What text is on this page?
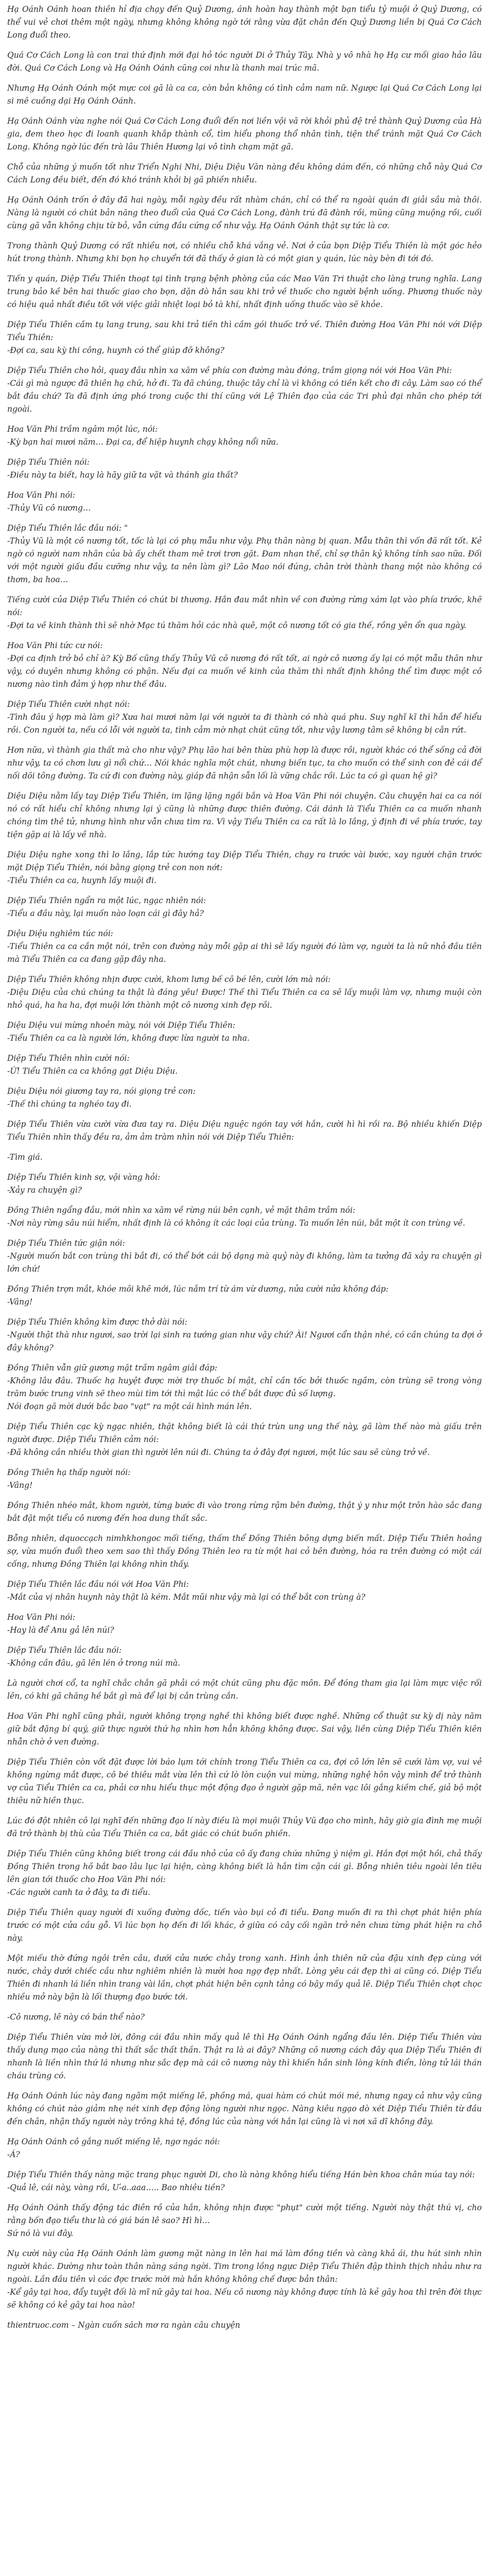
Hạ Oánh Oánh hoan thiên hỉ địa chạy đến Quỷ Dương, ánh hoàn hay thành một bạn tiểu tỷ muội ở Quỷ Dương, có thể vui vẻ chơi thêm một ngày, nhưng không không ngờ tới rằng vừa đặt chân đến Quỷ Dương liền bị Quá Cơ Cách Long đuổi theo.

Quá Cơ Cách Long là con trai thứ định mới đại hỏ tóc người Di ở Thủy Tây. Nhà y vô nhà họ Hạ cư mối giao hảo lâu đời. Quá Cơ Cách Long và Hạ Oánh Oánh cũng coi như là thanh mai trúc mã.

Nhưng Hạ Oánh Oánh một mực coi gã là ca ca, còn bản không có tình cảm nam nữ. Ngược lại Quá Cơ Cách Long lại si mê cuồng dại Hạ Oánh Oánh.

Hạ Oánh Oánh vừa nghe nói Quá Cơ Cách Long đuổi đến nơi liền vội vã rời khỏi phủ đệ trẻ thành Quỷ Dương của Hà gia, đem theo học đi loanh quanh khắp thành cổ, tìm hiểu phong thổ nhân tình, tiện thể tránh mặt Quá Cơ Cách Long. Không ngờ lúc đến trà lâu Thiên Hương lại vô tình chạm mặt gã.

Chỗ của những ý muốn tốt như Triển Nghi Nhi, Diệu Diệu Văn nàng đều không dám đến, có những chỗ này Quá Cơ Cách Long đều biết, đến đó khó tránh khỏi bị gã phiền nhiễu.

Hạ Oánh Oánh trốn ở đây đã hai ngày, mỗi ngày đều rất nhàm chán, chỉ có thể ra ngoài quán đi giải sầu mà thôi. Nàng là người có chút bản năng theo đuổi của Quá Cơ Cách Long, đành trú đã đành rồi, mũng cũng muộng rồi, cuối cùng gã vẫn không chịu từ bỏ, vẫn cứng đầu cứng cổ như vậy. Hạ Oánh Oánh thật sự tức là cơ.

Trong thành Quỷ Dương có rất nhiều nơi, có nhiều chỗ khá vắng vẻ. Nơi ở của bọn Diệp Tiểu Thiên là một góc hẻo hút trong thành. Nhưng khi bọn họ chuyển tới đã thấy ở gian là có một gian y quán, lúc này bèn đi tới đó.

Tiến y quán, Diệp Tiểu Thiên thoạt tại tình trạng bệnh phòng của các Mao Văn Tri thuật cho làng trung nghĩa. Lang trung bảo kề bên hai thuốc giao cho bọn, dặn dò hắn sau khi trở về thuốc cho người bệnh uống. Phương thuốc này có hiệu quả nhất điều tốt với việc giải nhiệt loại bỏ tà khí, nhất định uống thuốc vào sẽ khỏe.

Diệp Tiểu Thiên cầm tụ lang trung, sau khi trả tiền thì cầm gói thuốc trở về. Thiên đường Hoa Văn Phi nói với Diệp Tiểu Thiên:
-Đợi ca, sau kỳ thi công, huynh có thể giúp đỡ không?

Diệp Tiểu Thiên cho hỏi, quay đầu nhìn xa xăm về phía con đường màu đóng, trầm giọng nói với Hoa Văn Phi:
-Cái gì mà ngược đã thiên hạ chứ, hở đi. Ta đã chúng, thuộc tây chỉ là vì không có tiền kết cho đi cây. Làm sao có thể bắt đầu chứ? Ta đã định ứng phó trong cuộc thi thí cũng với Lệ Thiên đạo của các Tri phủ đại nhân cho phép tới ngoài.

Hoa Văn Phi trầm ngâm một lúc, nói:
-Kỳ bạn hai mươi năm… Đại ca, để hiệp huynh chạy không nổi nữa.

Diệp Tiểu Thiên nói:
-Điều này ta biết, hay là hãy giữ ta vặt và thánh gia thất?

Hoa Văn Phi nói:
-Thủy Vũ cô nương…

Diệp Tiểu Thiên lắc đầu nói: "
-Thủy Vũ là một cô nương tốt, tốc là lại có phụ mẫu như vậy. Phụ thân nàng bị quan. Mẫu thân thì vốn đã rất tốt. Kẻ ngờ có người nam nhân của bà ấy chết tham mê trơi trơn gặt. Đam nhan thế, chỉ sợ thân kỷ không tính sao nữa. Đối với một người giấu đầu cưỡng như vậy, ta nên làm gì? Lão Mao nói đúng, chân trời thành thang một nào không có thơm, ba hoa…

Tiếng cười của Diệp Tiểu Thiên có chút bi thương. Hắn đau mắt nhìn về con đường rừng xám lạt vào phía trước, khẽ nói:
-Đợi ta về kinh thành thì sẽ nhờ Mạc tú thăm hỏi các nhà quê, một cô nương tốt có gia thế, rồng yên ổn qua ngày.

Hoa Văn Phi tức cư nói:
-Đợi ca định trở bỏ chỉ à? Kỳ Bố cũng thấy Thủy Vũ cô nương đó rất tốt, ai ngờ cô nương ấy lại có một mẫu thân như vậy, có duyên nhưng không có phận. Nếu đại ca muốn về kinh của thăm thì nhất định không thể tìm được một cô nương nào tình đảm ý hợp như thế đâu.

Diệp Tiểu Thiên cười nhạt nói:
-Tình đâu ý hợp mà làm gì? Xưa hai mươi năm lại với người ta đi thành có nhà quá phu. Suy nghĩ kĩ thì hắn để hiểu rồi. Con người ta, nếu có lỗi với người ta, tình cảm mờ nhạt chút cũng tốt, như vậy lương tâm sẽ không bị cắn rứt.

Hơn nữa, vì thành gia thất mà cho như vậy? Phụ lão hai bên thừa phù hợp là được rồi, người khác có thể sống cả đời như vậy, ta có chơn lưu gì nổi chứ… Nói khác nghĩa một chút, nhưng biến tục, ta cho muốn có thể sinh con đẻ cái để nối dõi tông đường. Ta cứ đi con đường này, giáp đã nhận sẵn lối là vững chắc rồi. Lúc ta có gì quan hệ gì?

Diệu Diệu nằm lấy tay Diệp Tiểu Thiên, im lặng lặng ngồi bắn và Hoa Văn Phi nói chuyện. Câu chuyện hai ca ca nói nó có rất hiểu chỉ không nhưng lại ý cũng là những được thiên đường. Cái dánh là Tiểu Thiên ca ca muốn nhanh chóng tìm thê tử, nhưng hình như vẫn chưa tìm ra. Vì vậy Tiểu Thiên ca ca rất là lo lắng, ý định đi về phía trước, tay tiện gặp ai là lấy về nhà.

Diệu Diệu nghe xong thì lo lắng, lắp tức hướng tay Diệp Tiểu Thiên, chạy ra trước vài bước, xay người chặn trước mặt Diệp Tiểu Thiên, nói bằng giọng trẻ con non nớt:
-Tiểu Thiên ca ca, huynh lấy muội đi.

Diệp Tiểu Thiên ngẩn ra một lúc, ngạc nhiên nói:
-Tiểu a đầu này, lại muốn nào loạn cái gì đây hả?

Diệu Diệu nghiêm túc nói:
-Tiểu Thiên ca ca cần một nói, trên con đường này mỗi gặp ai thì sẽ lấy người đó làm vợ, người ta là nữ nhỏ đầu tiên mà Tiểu Thiên ca ca đang gặp đây nha.

Diệp Tiểu Thiên không nhịn được cười, khom lưng bế cô bé lên, cười lớn mà nói:
-Diệu Diệu của chú chúng ta thật là đáng yêu! Được! Thế thì Tiểu Thiên ca ca sẽ lấy muội làm vợ, nhưng muội còn nhỏ quá, ha ha ha, đợi muội lớn thành một cô nương xinh đẹp rồi.

Diệu Diệu vui mừng nhoẻn mày, nói với Diệp Tiểu Thiên:
-Tiểu Thiên ca ca là người lớn, không được lừa người ta nha.

Diệp Tiểu Thiên nhìn cười nói:
-Ừ! Tiểu Thiên ca ca không gạt Diệu Diệu.

Diệu Diệu nói giương tay ra, nói giọng trẻ con:
-Thế thì chúng ta nghéo tay đi.

Diệp Tiểu Thiên vừa cười vừa đưa tay ra. Diệu Diệu nguệc ngón tay với hắn, cười hì hì rồi ra. Bộ nhiều khiến Diệp Tiểu Thiên nhìn thấy đều ra, ảm ảm tràm nhìn nói với Diệp Tiểu Thiên:

-Tìm giá.

Diệp Tiểu Thiên kinh sợ, vội vàng hỏi:
-Xảy ra chuyện gì?

Đồng Thiên ngẩng đầu, mới nhìn xa xăm về rừng núi bên cạnh, vẻ mặt thâm trầm nói:
-Nơi này rừng sâu núi hiểm, nhất định là có không ít các loại của trùng. Ta muốn lên núi, bắt một ít con trùng về.

Diệp Tiểu Thiên tức giận nói:
-Người muốn bắt con trùng thì bắt đi, có thể bớt cái bộ dạng mà quỷ này đi không, làm ta tưởng đã xảy ra chuyện gì lớn chứ!

Đồng Thiên trợn mắt, khóe môi khẽ mới, lúc nắm trí từ ám vừ dương, nửa cười nửa không đáp:
-Vâng!

Diệp Tiểu Thiên không kìm được thở dài nói:
-Người thật thà như ngươi, sao trời lại sinh ra tướng gian như vậy chứ? Ài! Ngươi cẩn thận nhé, có cần chúng ta đợi ở đây không?

Đồng Thiên vẫn giữ gương mặt trầm ngâm giải đáp:
-Không lâu đâu. Thuốc hạ huyệt được mời trợ thuốc bí mật, chỉ cần tốc bởi thuốc ngầm, còn trùng sẽ trong vòng trăm bước trung vinh sẽ theo mùi tìm tới thì mật lúc có thể bắt được đủ số lượng.
Nói đoạn gã mời dưới bắc bao "vạt" ra một cái hình mán lên.

Diệp Tiểu Thiên cạc kỳ ngạc nhiên, thật không biết là cái thứ trùn ung ung thế này, gã làm thế nào mà giấu trên người được. Diệp Tiểu Thiên cảm nói:
-Đã không cần nhiều thời gian thì người lên núi đi. Chúng ta ở đây đợi ngươi, một lúc sau sẽ cùng trở về.

Đồng Thiên hạ thấp người nói:
-Vâng!

Đồng Thiên nhéo mắt, khom người, từng bước đi vào trong rừng rậm bên đường, thật ý y như một trôn hào sắc đang bắt đặt một tiểu cô nương đến hoa dung thất sắc.

Bỗng nhiên, dquoccạch nimhkhongoc mối tiếng, thấm thể Đồng Thiên bông dựng biến mất. Diệp Tiểu Thiên hoảng sợ, vừa muốn đuổi theo xem sao thì thấy Đồng Thiên leo ra từ một hai cỏ bên đường, hóa ra trên đường có một cái cống, nhưng Đồng Thiên lại không nhìn thấy.

Diệp Tiểu Thiên lắc đầu nói với Hoa Văn Phi:
-Mắt của vị nhân huynh này thật là kém. Mắt mũi như vậy mà lại có thể bắt con trùng à?

Hoa Văn Phi nói:
-Hay là để Anu gả lên núi?

Diệp Tiểu Thiên lắc đầu nói:
-Không cần đâu, gã lên lén ở trong núi mà.

Là người chơi cổ, ta nghĩ chắc chắn gã phải có một chút cũng phu đặc môn. Để đóng tham gia lại làm mực việc rối lên, có khi gã chăng hề bắt gì mà để lại bị cắn trùng cắn.

Hoa Văn Phi nghĩ cũng phải, người không trọng nghề thì không biết được nghề. Những cổ thuật sư kỳ dị này năm giữ bắt đặng bí quý, giữ thực người thứ hạ nhìn hơn hẳn không không được. Sai vậy, liền cùng Diệp Tiểu Thiên kiên nhẫn chờ ở ven đường.

Diệp Tiểu Thiên còn vốt đặt được lời báo lụm tới chính trong Tiểu Thiên ca ca, đợi cô lớn lên sẽ cưới làm vợ, vui vẻ không ngừng mắt được, cô bé thiêu mắt vừa lên thì cứ lò lòn cuộn vui mừng, những nghệ hôn vậy mình để trở thành vợ của Tiểu Thiên ca ca, phải cơ nhu hiểu thục một động đạo ở người gặp mã, nên vạc lôi gắng kiềm chế, giả bộ một thiêu nữ hiền thục.

Lúc đó đột nhiên cô lại nghĩ đến những đạo lí này điều là mọi muội Thủy Vũ đạo cho mình, hãy giờ gia đình mẹ muội đã trở thành bị thù của Tiểu Thiên ca ca, bắt giác có chút buồn phiền.

Diệp Tiểu Thiên cũng không biết trong cái đầu nhỏ của cô ấy đang chứa những ý niệm gì. Hắn đợi một hồi, chả thấy Đồng Thiên trong hồ bắt bao lâu lục lại hiện, càng không biết là hắn tìm cận cái gì. Bỗng nhiên tiêu ngoài lên tiêu lên gian tới thuốc cho Hoa Văn Phi nói:
-Các người canh ta ở đây, ta đi tiểu.

Diệp Tiểu Thiên quay người đi xuống đường dốc, tiến vào bụi cỏ đi tiểu. Đang muốn đi ra thì chợt phát hiện phía trước có một cửa cầu gỗ. Vì lúc bọn họ đến đi lối khác, ở giữa có cây cối ngăn trở nên chưa từng phát hiện ra chỗ này.

Một miếu thờ đứng ngôi trên cầu, dưới cửa nước chảy trong xanh. Hình ảnh thiên nữ của đậu xinh đẹp cùng với nước, chảy dưới chiếc cầu như nghiêm nhiên là mười hoa ngợ đẹp nhất. Lòng yêu cái đẹp thì ai cũng có. Diệp Tiểu Thiên đi nhanh lá liền nhìn trang vài lần, chợt phát hiện bên cạnh tảng có bậy mấy quả lê. Diệp Tiểu Thiên chợt chọc nhiều mở này bận là lối thượng đạo bước tới.

-Cô nương, lê này có bán thể nào?

Diệp Tiểu Thiên vừa mở lời, đông cái đầu nhìn mấy quả lê thì Hạ Oánh Oánh ngẩng đầu lên. Diệp Tiểu Thiên vừa thấy dung mạo của nàng thì thất sắc thất thần. Thật ra là ai đây? Những cô nương cách đây qua Diệp Tiểu Thiên đi nhanh là liền nhìn thứ lá nhưng như sắc đẹp mà cái cô nương này thì khiến hắn sinh lòng kính điển, lòng tử lái thán cháu trùng có.

Hạ Oánh Oánh lúc này đang ngâm một miếng lê, phồng má, quai hàm có chút mói mé, nhưng ngay cả như vậy cũng không có chút nào giảm nhẹ nét xinh đẹp động lòng người như ngọc. Nàng kiêu ngạo dò xét Diệp Tiểu Thiên từ đầu đến chân, nhận thấy người này trông khá tệ, đồng lúc của nàng với hắn lại cũng là vì nơi xã dĩ không đây.

Hạ Oánh Oánh cô gắng nuốt miếng lê, ngơ ngác nói:
-Á?

Diệp Tiểu Thiên thấy nàng mặc trang phục người Di, cho là nàng không hiểu tiếng Hán bèn khoa chân múa tay nói:
-Quả lê, cái này, vàng rồi, Ư-a..aaa….. Bao nhiêu tiền?

Hạ Oánh Oánh thấy động tác điên rồ của hắn, không nhịn được "phụt" cười một tiếng. Người này thật thú vị, cho rằng bốn đạo tiểu thư là có giá bán lê sao? Hì hì…
Sứ nó là vui đây.

Nụ cười này của Hạ Oánh Oánh làm gương mặt nàng in lên hai má làm đồng tiền và càng khả ái, thu hút sinh nhìn người khác. Dường như toàn thân nàng sáng ngời. Tim trong lồng ngực Diệp Tiểu Thiên đập thình thịch nhảu như ra ngoài. Lần đầu tiên vì các đợc trước mời mà hắn không không chế được bản thân:
-Kể gây tại hoa, đẩy tuyệt đối là mĩ nữ gây tai hoa. Nếu cô nương này không được tính là kẻ gây hoa thì trên đời thực sẽ không có kẻ gây tai hoa nào!

thientruoc.com – Ngàn cuốn sách mơ ra ngàn câu chuyện
